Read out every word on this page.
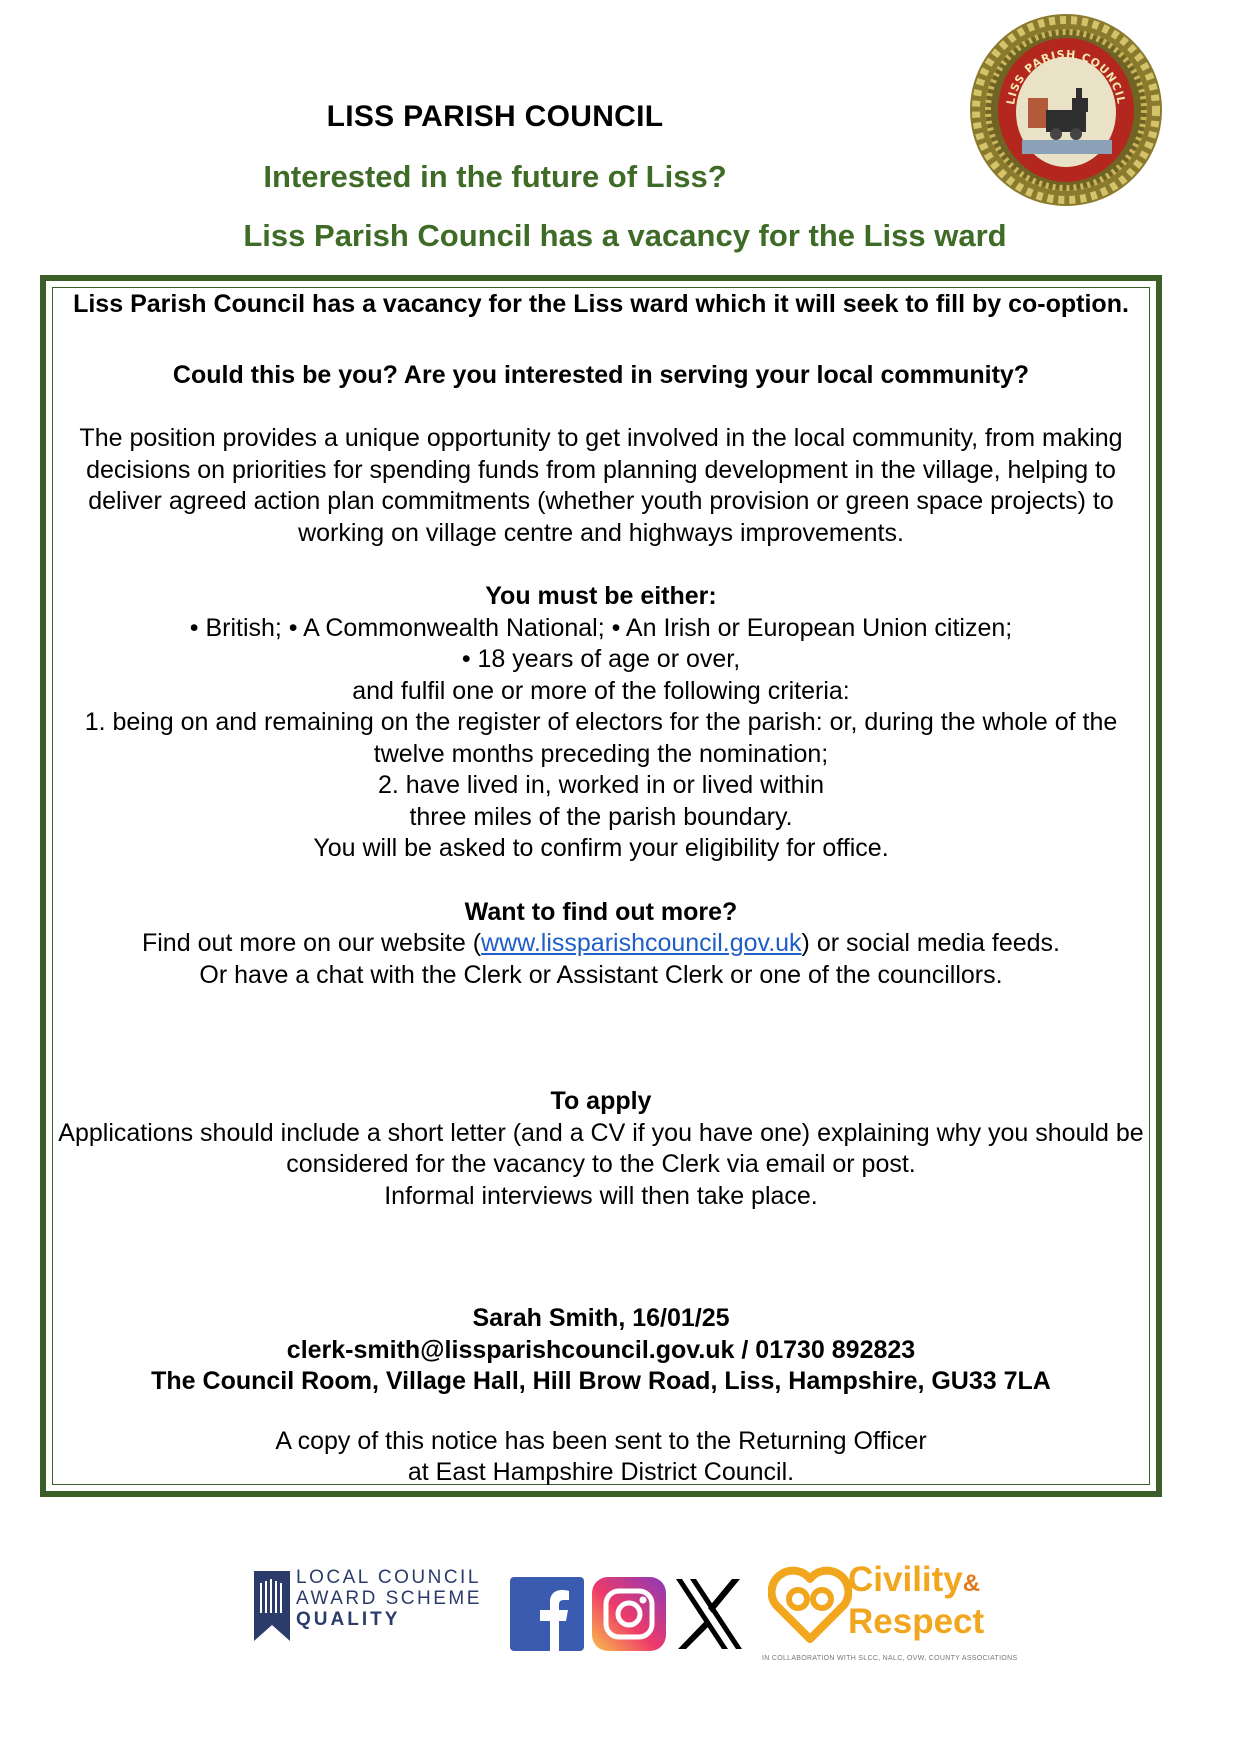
LISS PARISH COUNCIL
Interested in the future of Liss?
Liss Parish Council has a vacancy for the Liss ward
LISS PARISH COUNCIL

Liss Parish Council has a vacancy for the Liss ward which it will seek to fill by co-option.

Could this be you? Are you interested in serving your local community?

The position provides a unique opportunity to get involved in the local community, from making decisions on priorities for spending funds from planning development in the village, helping to deliver agreed action plan commitments (whether youth provision or green space projects) to working on village centre and highways improvements.

You must be either:

• British; • A Commonwealth National; • An Irish or European Union citizen;

• 18 years of age or over,

and fulfil one or more of the following criteria:

1. being on and remaining on the register of electors for the parish: or, during the whole of the twelve months preceding the nomination;

2. have lived in, worked in or lived within

three miles of the parish boundary.

You will be asked to confirm your eligibility for office.

Want to find out more?

Find out more on our website (www.lissparishcouncil.gov.uk) or social media feeds.

Or have a chat with the Clerk or Assistant Clerk or one of the councillors.

To apply

Applications should include a short letter (and a CV if you have one) explaining why you should be considered for the vacancy to the Clerk via email or post.

Informal interviews will then take place.

Sarah Smith, 16/01/25

clerk-smith@lissparishcouncil.gov.uk / 01730 892823

The Council Room, Village Hall, Hill Brow Road, Liss, Hampshire, GU33 7LA

A copy of this notice has been sent to the Returning Officer

at East Hampshire District Council.

LOCAL COUNCIL
AWARD SCHEME
QUALITY
Civility&
Respect
IN COLLABORATION WITH SLCC, NALC, OVW, COUNTY ASSOCIATIONS
